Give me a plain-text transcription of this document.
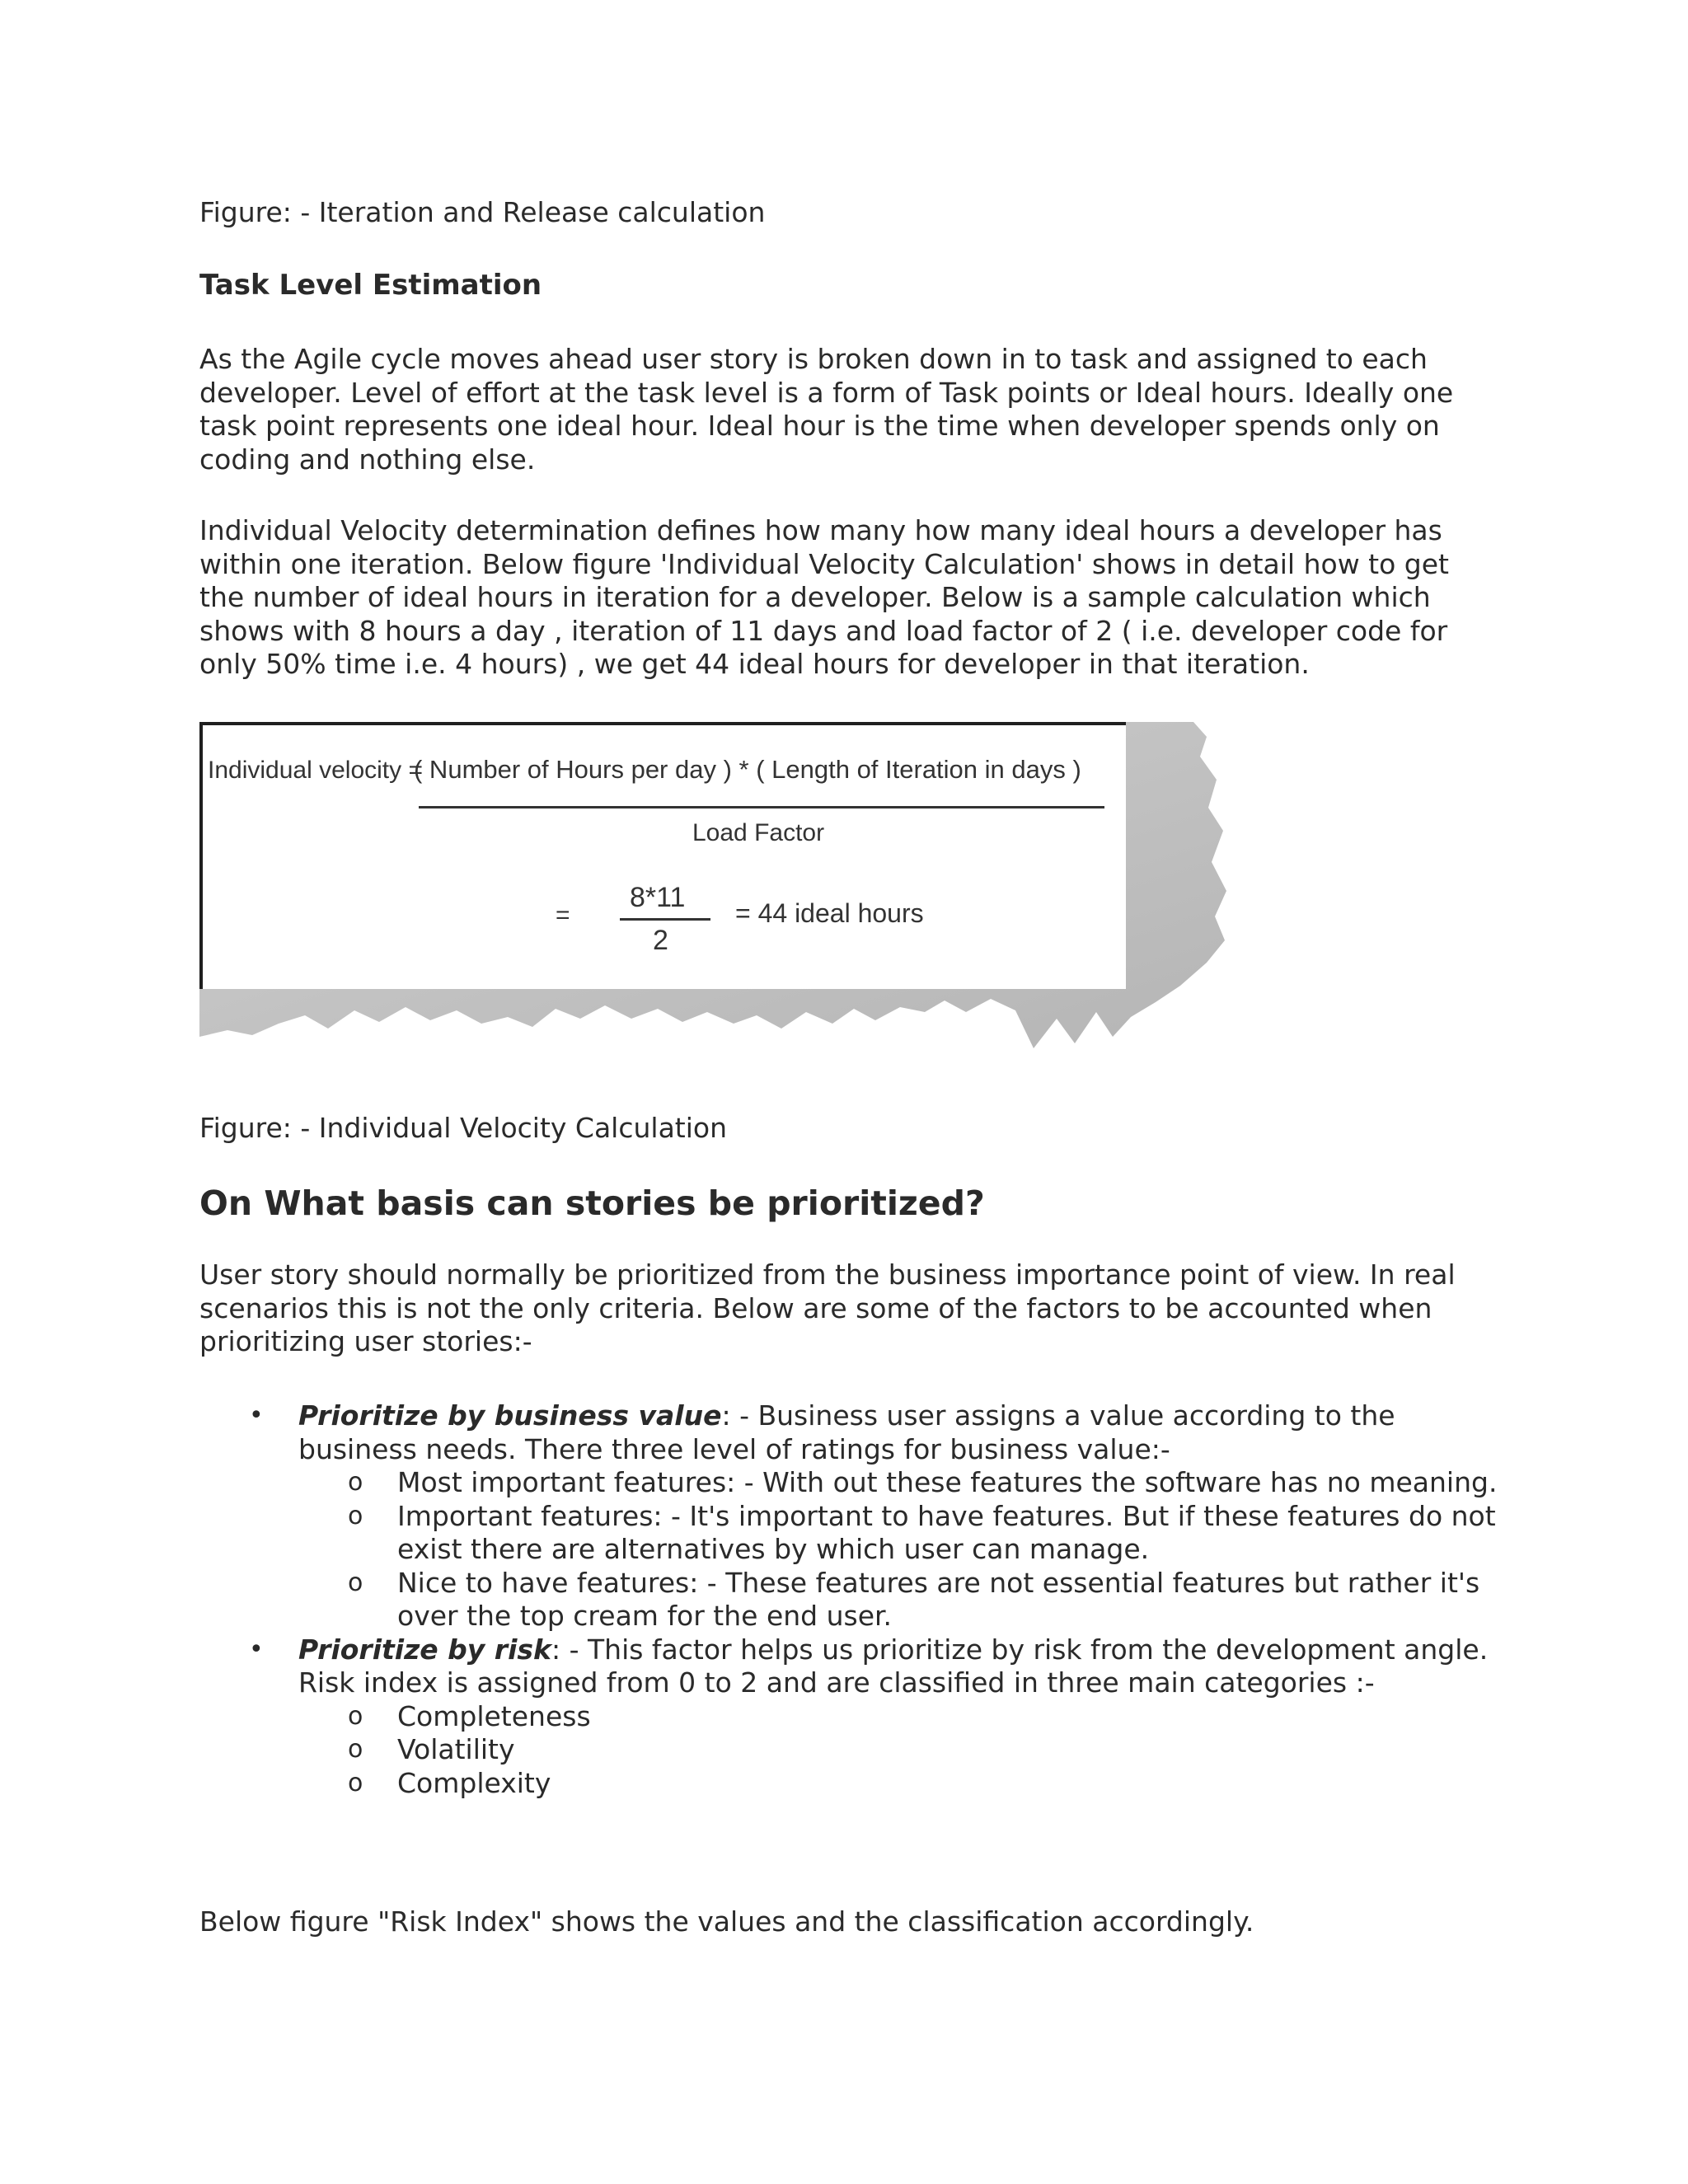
Figure: - Iteration and Release calculation

Task Level Estimation

As the Agile cycle moves ahead user story is broken down in to task and assigned to each developer. Level of effort at the task level is a form of Task points or Ideal hours. Ideally one task point represents one ideal hour. Ideal hour is the time when developer spends only on coding and nothing else.

Individual Velocity determination defines how many how many ideal hours a developer has within one iteration. Below figure 'Individual Velocity Calculation' shows in detail how to get the number of ideal hours in iteration for a developer. Below is a sample calculation which shows with 8 hours a day , iteration of 11 days and load factor of 2 ( i.e. developer code for only 50% time i.e. 4 hours) , we get 44 ideal hours for developer in that iteration.

Individual velocity =
( Number of Hours per day ) * ( Length of Iteration in days )
Load Factor
=
8*11
2
= 44 ideal hours

Figure: - Individual Velocity Calculation

On What basis can stories be prioritized?

User story should normally be prioritized from the business importance point of view. In real scenarios this is not the only criteria. Below are some of the factors to be accounted when prioritizing user stories:-

• Prioritize by business value: - Business user assigns a value according to the business needs. There three level of ratings for business value:-

o Most important features: - With out these features the software has no meaning.

o Important features: - It's important to have features. But if these features do not exist there are alternatives by which user can manage.

o Nice to have features: - These features are not essential features but rather it's over the top cream for the end user.

• Prioritize by risk: - This factor helps us prioritize by risk from the development angle. Risk index is assigned from 0 to 2 and are classified in three main categories :-

o Completeness

o Volatility

o Complexity

Below figure "Risk Index" shows the values and the classification accordingly.
